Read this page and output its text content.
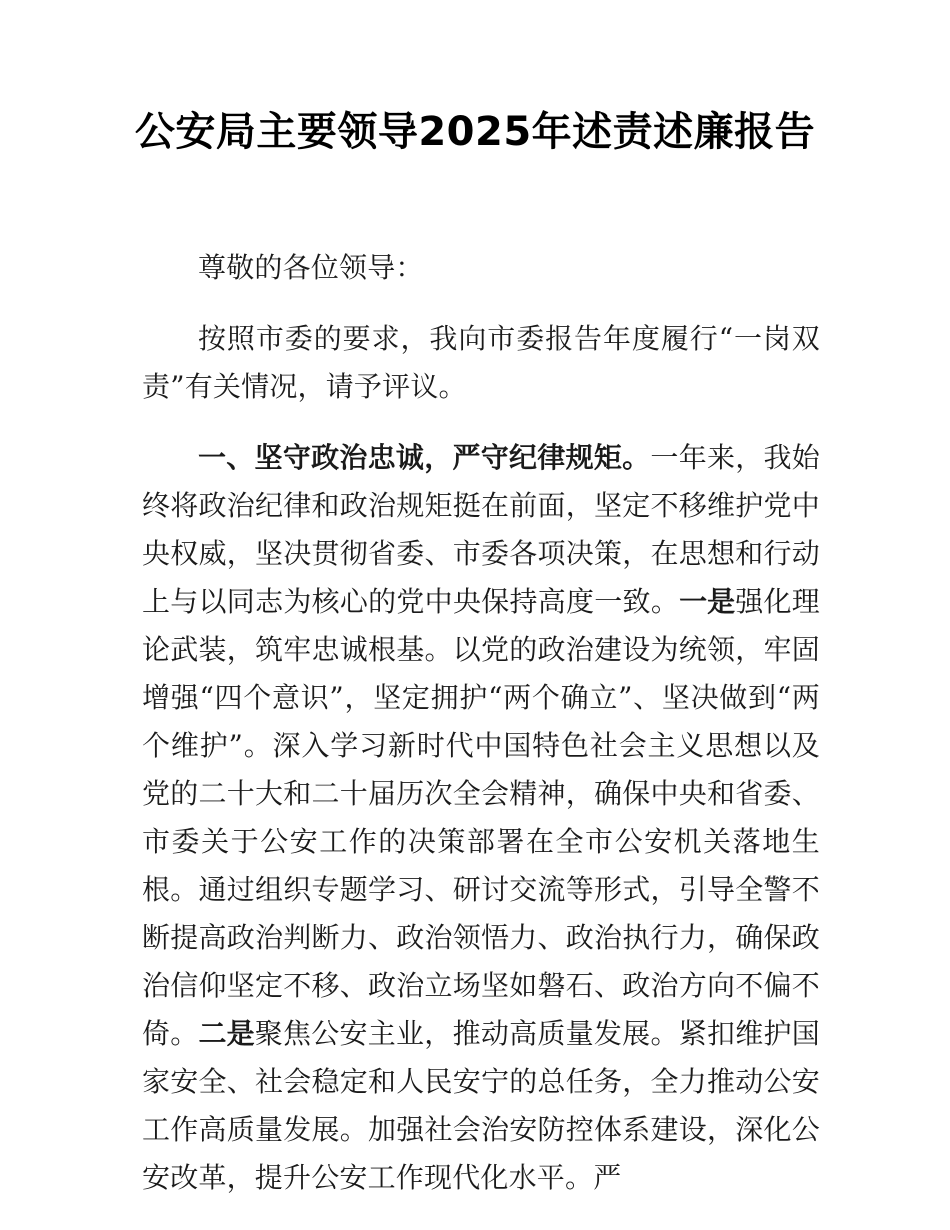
公安局主要领导2025年述责述廉报告

尊敬的各位领导：

按照市委的要求，我向市委报告年度履行“一岗双责”有关情况，请予评议。

一、坚守政治忠诚，严守纪律规矩。一年来，我始终将政治纪律和政治规矩挺在前面，坚定不移维护党中央权威，坚决贯彻省委、市委各项决策，在思想和行动上与以同志为核心的党中央保持高度一致。一是强化理论武装，筑牢忠诚根基。以党的政治建设为统领，牢固增强“四个意识”，坚定拥护“两个确立”、坚决做到“两个维护”。深入学习新时代中国特色社会主义思想以及党的二十大和二十届历次全会精神，确保中央和省委、市委关于公安工作的决策部署在全市公安机关落地生根。通过组织专题学习、研讨交流等形式，引导全警不断提高政治判断力、政治领悟力、政治执行力，确保政治信仰坚定不移、政治立场坚如磐石、政治方向不偏不倚。二是聚焦公安主业，推动高质量发展。紧扣维护国家安全、社会稳定和人民安宁的总任务，全力推动公安工作高质量发展。加强社会治安防控体系建设，深化公安改革，提升公安工作现代化水平。严
